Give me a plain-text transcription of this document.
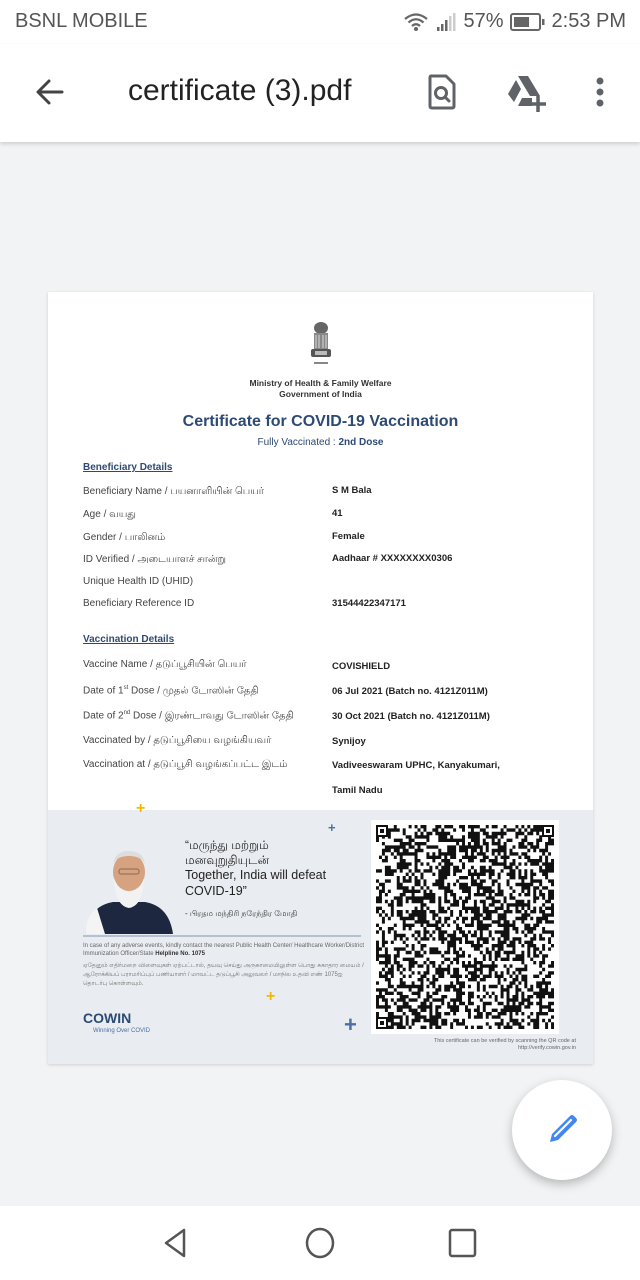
BSNL MOBILE	57% 2:53 PM
certificate (3).pdf
Ministry of Health & Family Welfare
Government of India
Certificate for COVID-19 Vaccination
Fully Vaccinated : 2nd Dose
Beneficiary Details
Beneficiary Name / பயனாளியின் பெயர்	S M Bala
Age / வயது	41
Gender / பாலினம்	Female
ID Verified / அடையாளச் சான்று	Aadhaar # XXXXXXXX0306
Unique Health ID (UHID)
Beneficiary Reference ID	31544422347171
Vaccination Details
Vaccine Name / தடுப்பூசியின் பெயர்	COVISHIELD
Date of 1st Dose / முதல் டோஸின் தேதி	06 Jul 2021 (Batch no. 4121Z011M)
Date of 2nd Dose / இரண்டாவது டோஸின் தேதி	30 Oct 2021 (Batch no. 4121Z011M)
Vaccinated by / தடுப்பூசியை வழங்கியவர்	Synijoy
Vaccination at / தடுப்பூசி வழங்கப்பட்ட இடம்	Vadiveeswaram UPHC, Kanyakumari,
Tamil Nadu
“மருந்து மற்றும்
மனவுறுதியுடன்
Together, India will defeat
COVID-19”
- பிரதம மந்திரி நரேந்திர மோதி
In case of any adverse events, kindly contact the nearest Public Health Center/ Healthcare Worker/District Immunization Officer/State Helpline No. 1075
ஏதேனும் எதிர்மறை விளைவுகள் ஏற்பட்டால், தயவு செய்து அருகாமையிலுள்ள பொது சுகாதார மையம் / ஆரோக்கியப் பராமரிப்புப் பணியாளர் / மாவட்ட தடுப்பூசி அலுவலர் / மாநில உதவி எண் 1075ஐ தொடர்பு கொள்ளவும்.
COWIN
Winning Over COVID
+
+
+
+
This certificate can be verified by scanning the QR code at
http://verify.cowin.gov.in
